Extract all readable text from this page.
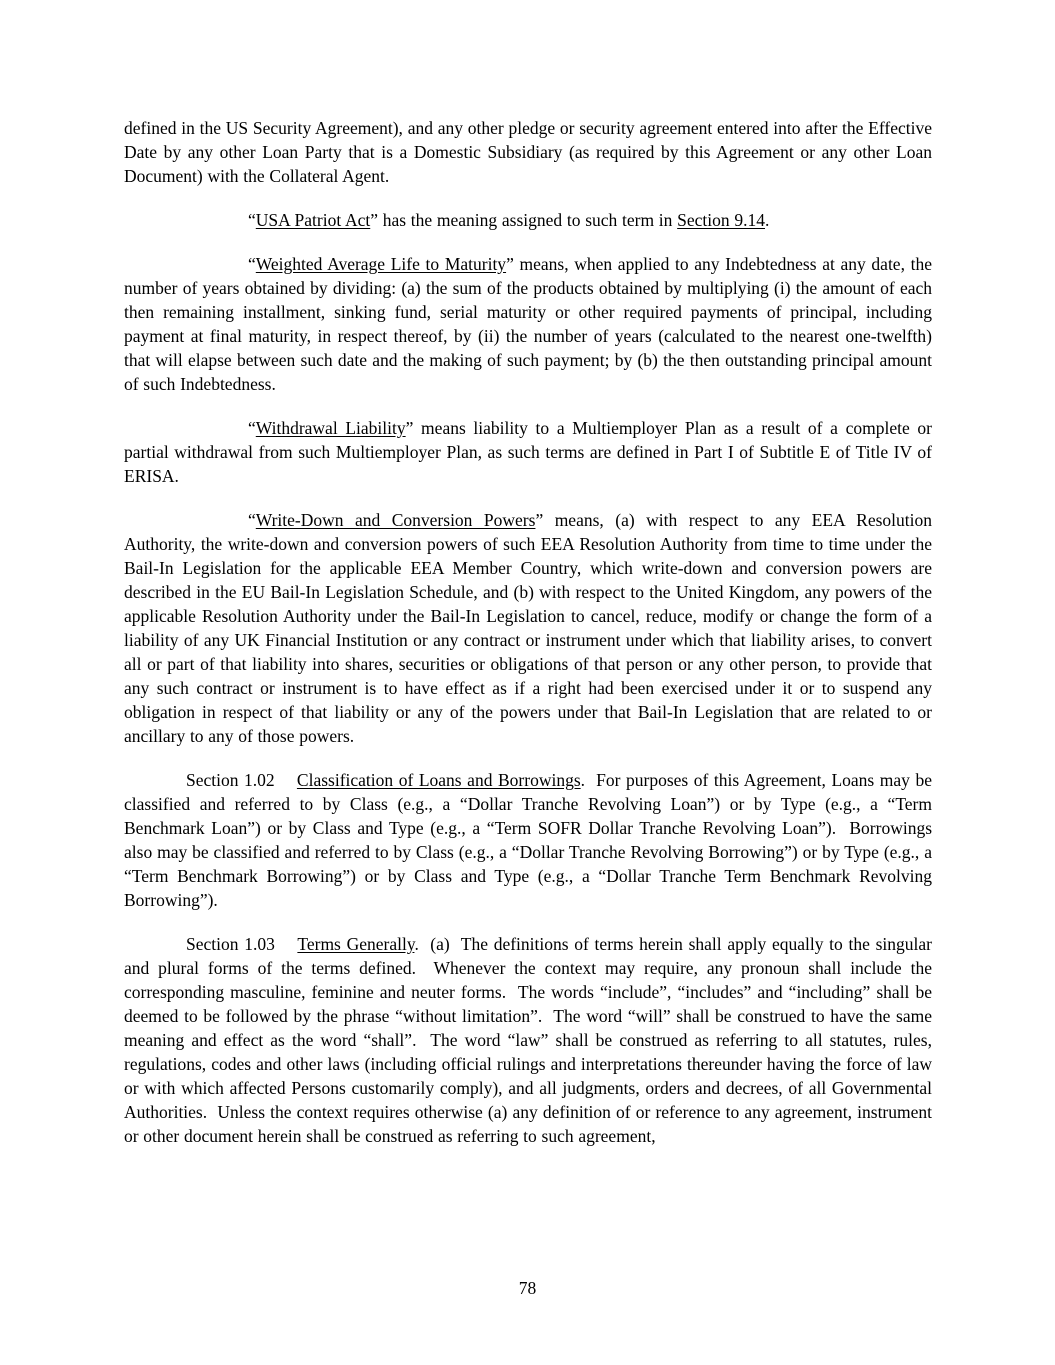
defined in the US Security Agreement), and any other pledge or security agreement entered into after the Effective Date by any other Loan Party that is a Domestic Subsidiary (as required by this Agreement or any other Loan Document) with the Collateral Agent.

“USA Patriot Act” has the meaning assigned to such term in Section 9.14.

“Weighted Average Life to Maturity” means, when applied to any Indebtedness at any date, the number of years obtained by dividing: (a) the sum of the products obtained by multiplying (i) the amount of each then remaining installment, sinking fund, serial maturity or other required payments of principal, including payment at final maturity, in respect thereof, by (ii) the number of years (calculated to the nearest one-twelfth) that will elapse between such date and the making of such payment; by (b) the then outstanding principal amount of such Indebtedness.

“Withdrawal Liability” means liability to a Multiemployer Plan as a result of a complete or partial withdrawal from such Multiemployer Plan, as such terms are defined in Part I of Subtitle E of Title IV of ERISA.

“Write-Down and Conversion Powers” means, (a) with respect to any EEA Resolution Authority, the write-down and conversion powers of such EEA Resolution Authority from time to time under the Bail-In Legislation for the applicable EEA Member Country, which write-down and conversion powers are described in the EU Bail-In Legislation Schedule, and (b) with respect to the United Kingdom, any powers of the applicable Resolution Authority under the Bail-In Legislation to cancel, reduce, modify or change the form of a liability of any UK Financial Institution or any contract or instrument under which that liability arises, to convert all or part of that liability into shares, securities or obligations of that person or any other person, to provide that any such contract or instrument is to have effect as if a right had been exercised under it or to suspend any obligation in respect of that liability or any of the powers under that Bail-In Legislation that are related to or ancillary to any of those powers.

Section 1.02    Classification of Loans and Borrowings.  For purposes of this Agreement, Loans may be classified and referred to by Class (e.g., a “Dollar Tranche Revolving Loan”) or by Type (e.g., a “Term Benchmark Loan”) or by Class and Type (e.g., a “Term SOFR Dollar Tranche Revolving Loan”).  Borrowings also may be classified and referred to by Class (e.g., a “Dollar Tranche Revolving Borrowing”) or by Type (e.g., a “Term Benchmark Borrowing”) or by Class and Type (e.g., a “Dollar Tranche Term Benchmark Revolving Borrowing”).

Section 1.03    Terms Generally.  (a)  The definitions of terms herein shall apply equally to the singular and plural forms of the terms defined.  Whenever the context may require, any pronoun shall include the corresponding masculine, feminine and neuter forms.  The words “include”, “includes” and “including” shall be deemed to be followed by the phrase “without limitation”.  The word “will” shall be construed to have the same meaning and effect as the word “shall”.  The word “law” shall be construed as referring to all statutes, rules, regulations, codes and other laws (including official rulings and interpretations thereunder having the force of law or with which affected Persons customarily comply), and all judgments, orders and decrees, of all Governmental Authorities.  Unless the context requires otherwise (a) any definition of or reference to any agreement, instrument or other document herein shall be construed as referring to such agreement,

78
